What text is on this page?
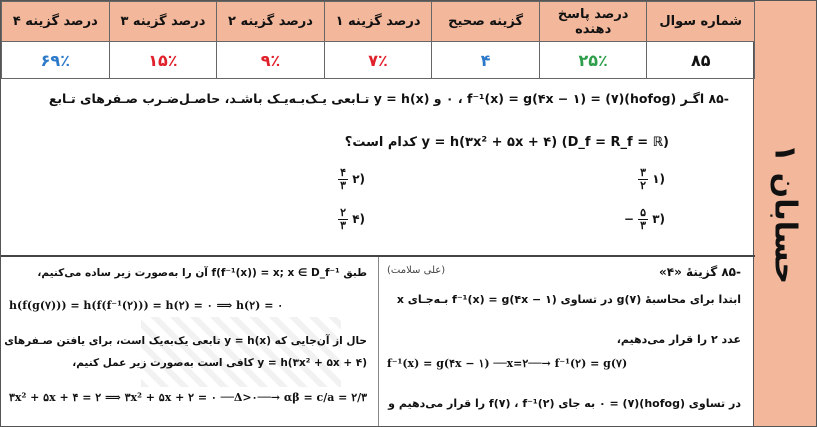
حسابان ۱
شماره سوال	درصد پاسخ دهنده	گزینه صحیح	درصد گزینه ۱	درصد گزینه ۲	درصد گزینه ۳	درصد گزینه ۴
۸۵	۲۵٪	۴	۷٪	۹٪	۱۵٪	۶۹٪
-۸۵ اگـر (hofog)(۷) = ۰ ، f⁻¹(x) = g(۴x − ۱) و y = h(x) تـابعی یـک‌بـه‌یـک باشـد، حاصـل‌ضـرب صـفرهای تـابع
(D_f = R_f = ℝ) y = h(۳x² + ۵x + ۴) کدام است؟
$\frac{۳}{۲}$ ۱)
$\frac{۴}{۳}$ ۲)
− $\frac{۵}{۳}$ ۳)
$\frac{۲}{۳}$ ۴)
-۸۵ گزینهٔ «۴»
(علی سلامت)
ابتدا برای محاسبهٔ g(۷) در تساوی f⁻¹(x) = g(۴x − ۱) بـه‌جـای x
عدد ۲ را قرار می‌دهیم،
f⁻¹(x) = g(۴x − ۱) ──x=۲──→ f⁻¹(۲) = g(۷)
در تساوی (hofog)(۷) = ۰ به جای f(۷) ، f⁻¹(۲) را قرار می‌دهیم و
طبق f(f⁻¹(x)) = x; x ∈ D_f⁻¹ آن را به‌صورت زیر ساده می‌کنیم،
h(f(g(۷))) = h(f(f⁻¹(۲))) = h(۲) = ۰ ⟹ h(۲) = ۰
حال از آن‌جایی که y = h(x) تابعی یک‌به‌یک است، برای یافتن صـفرهای
y = h(۳x² + ۵x + ۴) کافی است به‌صورت زیر عمل کنیم،
۳x² + ۵x + ۴ = ۲ ⟹ ۳x² + ۵x + ۲ = ۰ ──Δ>۰──→ αβ = c/a = ۲/۳
